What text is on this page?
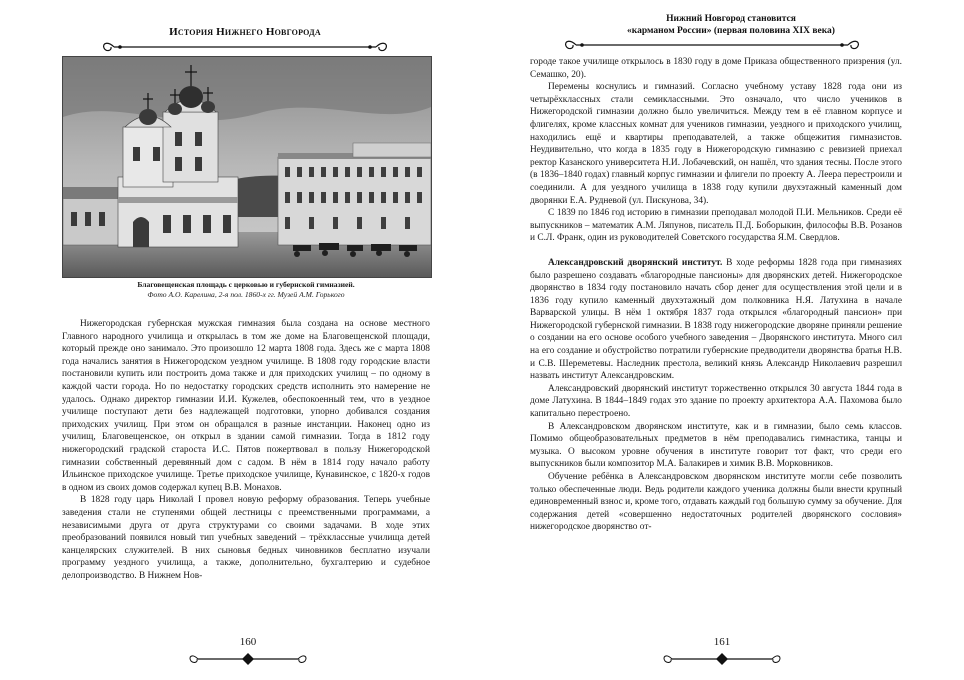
История Нижнего Новгорода
Благовещенская площадь с церковью и губернской гимназией.
Фото А.О. Карелина, 2-я пол. 1860-х гг. Музей А.М. Горького

Нижегородская губернская мужская гимназия была создана на основе местного Главного народного училища и открылась в том же доме на Благовещенской площади, который прежде оно занимало. Это произошло 12 марта 1808 года. Здесь же с марта 1808 года начались занятия в Нижегородском уездном училище. В 1808 году городские власти постановили купить или построить дома также и для приходских училищ – по одному в каждой части города. Но по недостатку городских средств исполнить это намерение не удалось. Однако директор гимназии И.И. Кужелев, обеспокоенный тем, что в уездное училище поступают дети без надлежащей подготовки, упорно добивался создания приходских училищ. При этом он обращался в разные инстанции. Наконец одно из училищ, Благовещенское, он открыл в здании самой гимназии. Тогда в 1812 году нижегородский градской староста И.С. Пятов пожертвовал в пользу Нижегородской гимназии собственный деревянный дом с садом. В нём в 1814 году начало работу Ильинское приходское училище. Третье приходское училище, Кунавинское, с 1820-х годов в одном из своих домов содержал купец В.В. Монахов.

В 1828 году царь Николай I провел новую реформу образования. Теперь учебные заведения стали не ступенями общей лестницы с преемственными программами, а независимыми друга от друга структурами со своими задачами. В ходе этих преобразований появился новый тип учебных заведений – трёхклассные училища детей канцелярских служителей. В них сыновья бедных чиновников бесплатно изучали программу уездного училища, а также, дополнительно, бухгалтерию и судебное делопроизводство. В Нижнем Нов-

160
Нижний Новгород становится
«карманом России» (первая половина XIX века)

городе такое училище открылось в 1830 году в доме Приказа общественного призрения (ул. Семашко, 20).

Перемены коснулись и гимназий. Согласно учебному уставу 1828 года они из четырёхклассных стали семиклассными. Это означало, что число учеников в Нижегородской гимназии должно было увеличиться. Между тем в её главном корпусе и флигелях, кроме классных комнат для учеников гимназии, уездного и приходского училищ, находились ещё и квартиры преподавателей, а также общежития гимназистов. Неудивительно, что когда в 1835 году в Нижегородскую гимназию с ревизией приехал ректор Казанского университета Н.И. Лобачевский, он нашёл, что здания тесны. После этого (в 1836–1840 годах) главный корпус гимназии и флигели по проекту А. Леера перестроили и соединили. А для уездного училища в 1838 году купили двухэтажный каменный дом дворянки Е.А. Рудневой (ул. Пискунова, 34).

С 1839 по 1846 год историю в гимназии преподавал молодой П.И. Мельников. Среди её выпускников – математик А.М. Ляпунов, писатель П.Д. Боборыкин, философы В.В. Розанов и С.Л. Франк, один из руководителей Советского государства Я.М. Свердлов.

Александровский дворянский институт. В ходе реформы 1828 года при гимназиях было разрешено создавать «благородные пансионы» для дворянских детей. Нижегородское дворянство в 1834 году постановило начать сбор денег для осуществления этой цели и в 1836 году купило каменный двухэтажный дом полковника Н.Я. Латухина в начале Варварской улицы. В нём 1 октября 1837 года открылся «благородный пансион» при Нижегородской губернской гимназии. В 1838 году нижегородские дворяне приняли решение о создании на его основе особого учебного заведения – Дворянского института. Много сил на его создание и обустройство потратили губернские предводители дворянства братья Н.В. и С.В. Шереметевы. Наследник престола, великий князь Александр Николаевич разрешил назвать институт Александровским.

Александровский дворянский институт торжественно открылся 30 августа 1844 года в доме Латухина. В 1844–1849 годах это здание по проекту архитектора А.А. Пахомова было капитально перестроено.

В Александровском дворянском институте, как и в гимназии, было семь классов. Помимо общеобразовательных предметов в нём преподавались гимнастика, танцы и музыка. О высоком уровне обучения в институте говорит тот факт, что среди его выпускников были композитор М.А. Балакирев и химик В.В. Морковников.

Обучение ребёнка в Александровском дворянском институте могли себе позволить только обеспеченные люди. Ведь родители каждого ученика должны были внести крупный единовременный взнос и, кроме того, отдавать каждый год большую сумму за обучение. Для содержания детей «совершенно недостаточных родителей дворянского сословия» нижегородское дворянство от-

161
